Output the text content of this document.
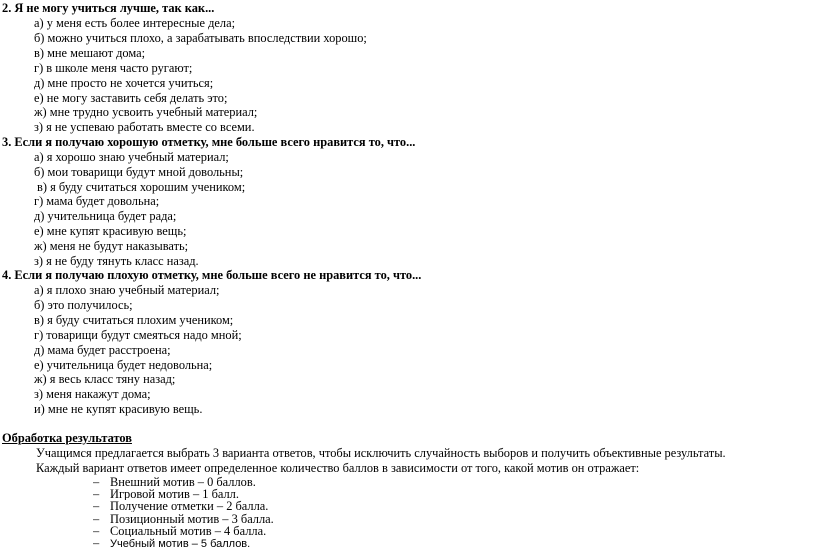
2. Я не могу учиться лучше, так как...
а) у меня есть более интересные дела;
б) можно учиться плохо, а зарабатывать впоследствии хорошо;
в) мне мешают дома;
г) в школе меня часто ругают;
д) мне просто не хочется учиться;
е) не могу заставить себя делать это;
ж) мне трудно усвоить учебный материал;
з) я не успеваю работать вместе со всеми.
3. Если я получаю хорошую отметку, мне больше всего нравится то, что...
а) я хорошо знаю учебный материал;
б) мои товарищи будут мной довольны;
в) я буду считаться хорошим учеником;
г) мама будет довольна;
д) учительница будет рада;
е) мне купят красивую вещь;
ж) меня не будут наказывать;
з) я не буду тянуть класс назад.
4. Если я получаю плохую отметку, мне больше всего не нравится то, что...
а) я плохо знаю учебный материал;
б) это получилось;
в) я буду считаться плохим учеником;
г) товарищи будут смеяться надо мной;
д) мама будет расстроена;
е) учительница будет недовольна;
ж) я весь класс тяну назад;
з) меня накажут дома;
и) мне не купят красивую вещь.
Обработка результатов
Учащимся предлагается выбрать 3 варианта ответов, чтобы исключить случайность выборов и получить объективные результаты.
Каждый вариант ответов имеет определенное количество баллов в зависимости от того, какой мотив он отражает:
– Внешний мотив – 0 баллов.
– Игровой мотив – 1 балл.
– Получение отметки – 2 балла.
– Позиционный мотив – 3 балла.
– Социальный мотив – 4 балла.
– Учебный мотив – 5 баллов.
